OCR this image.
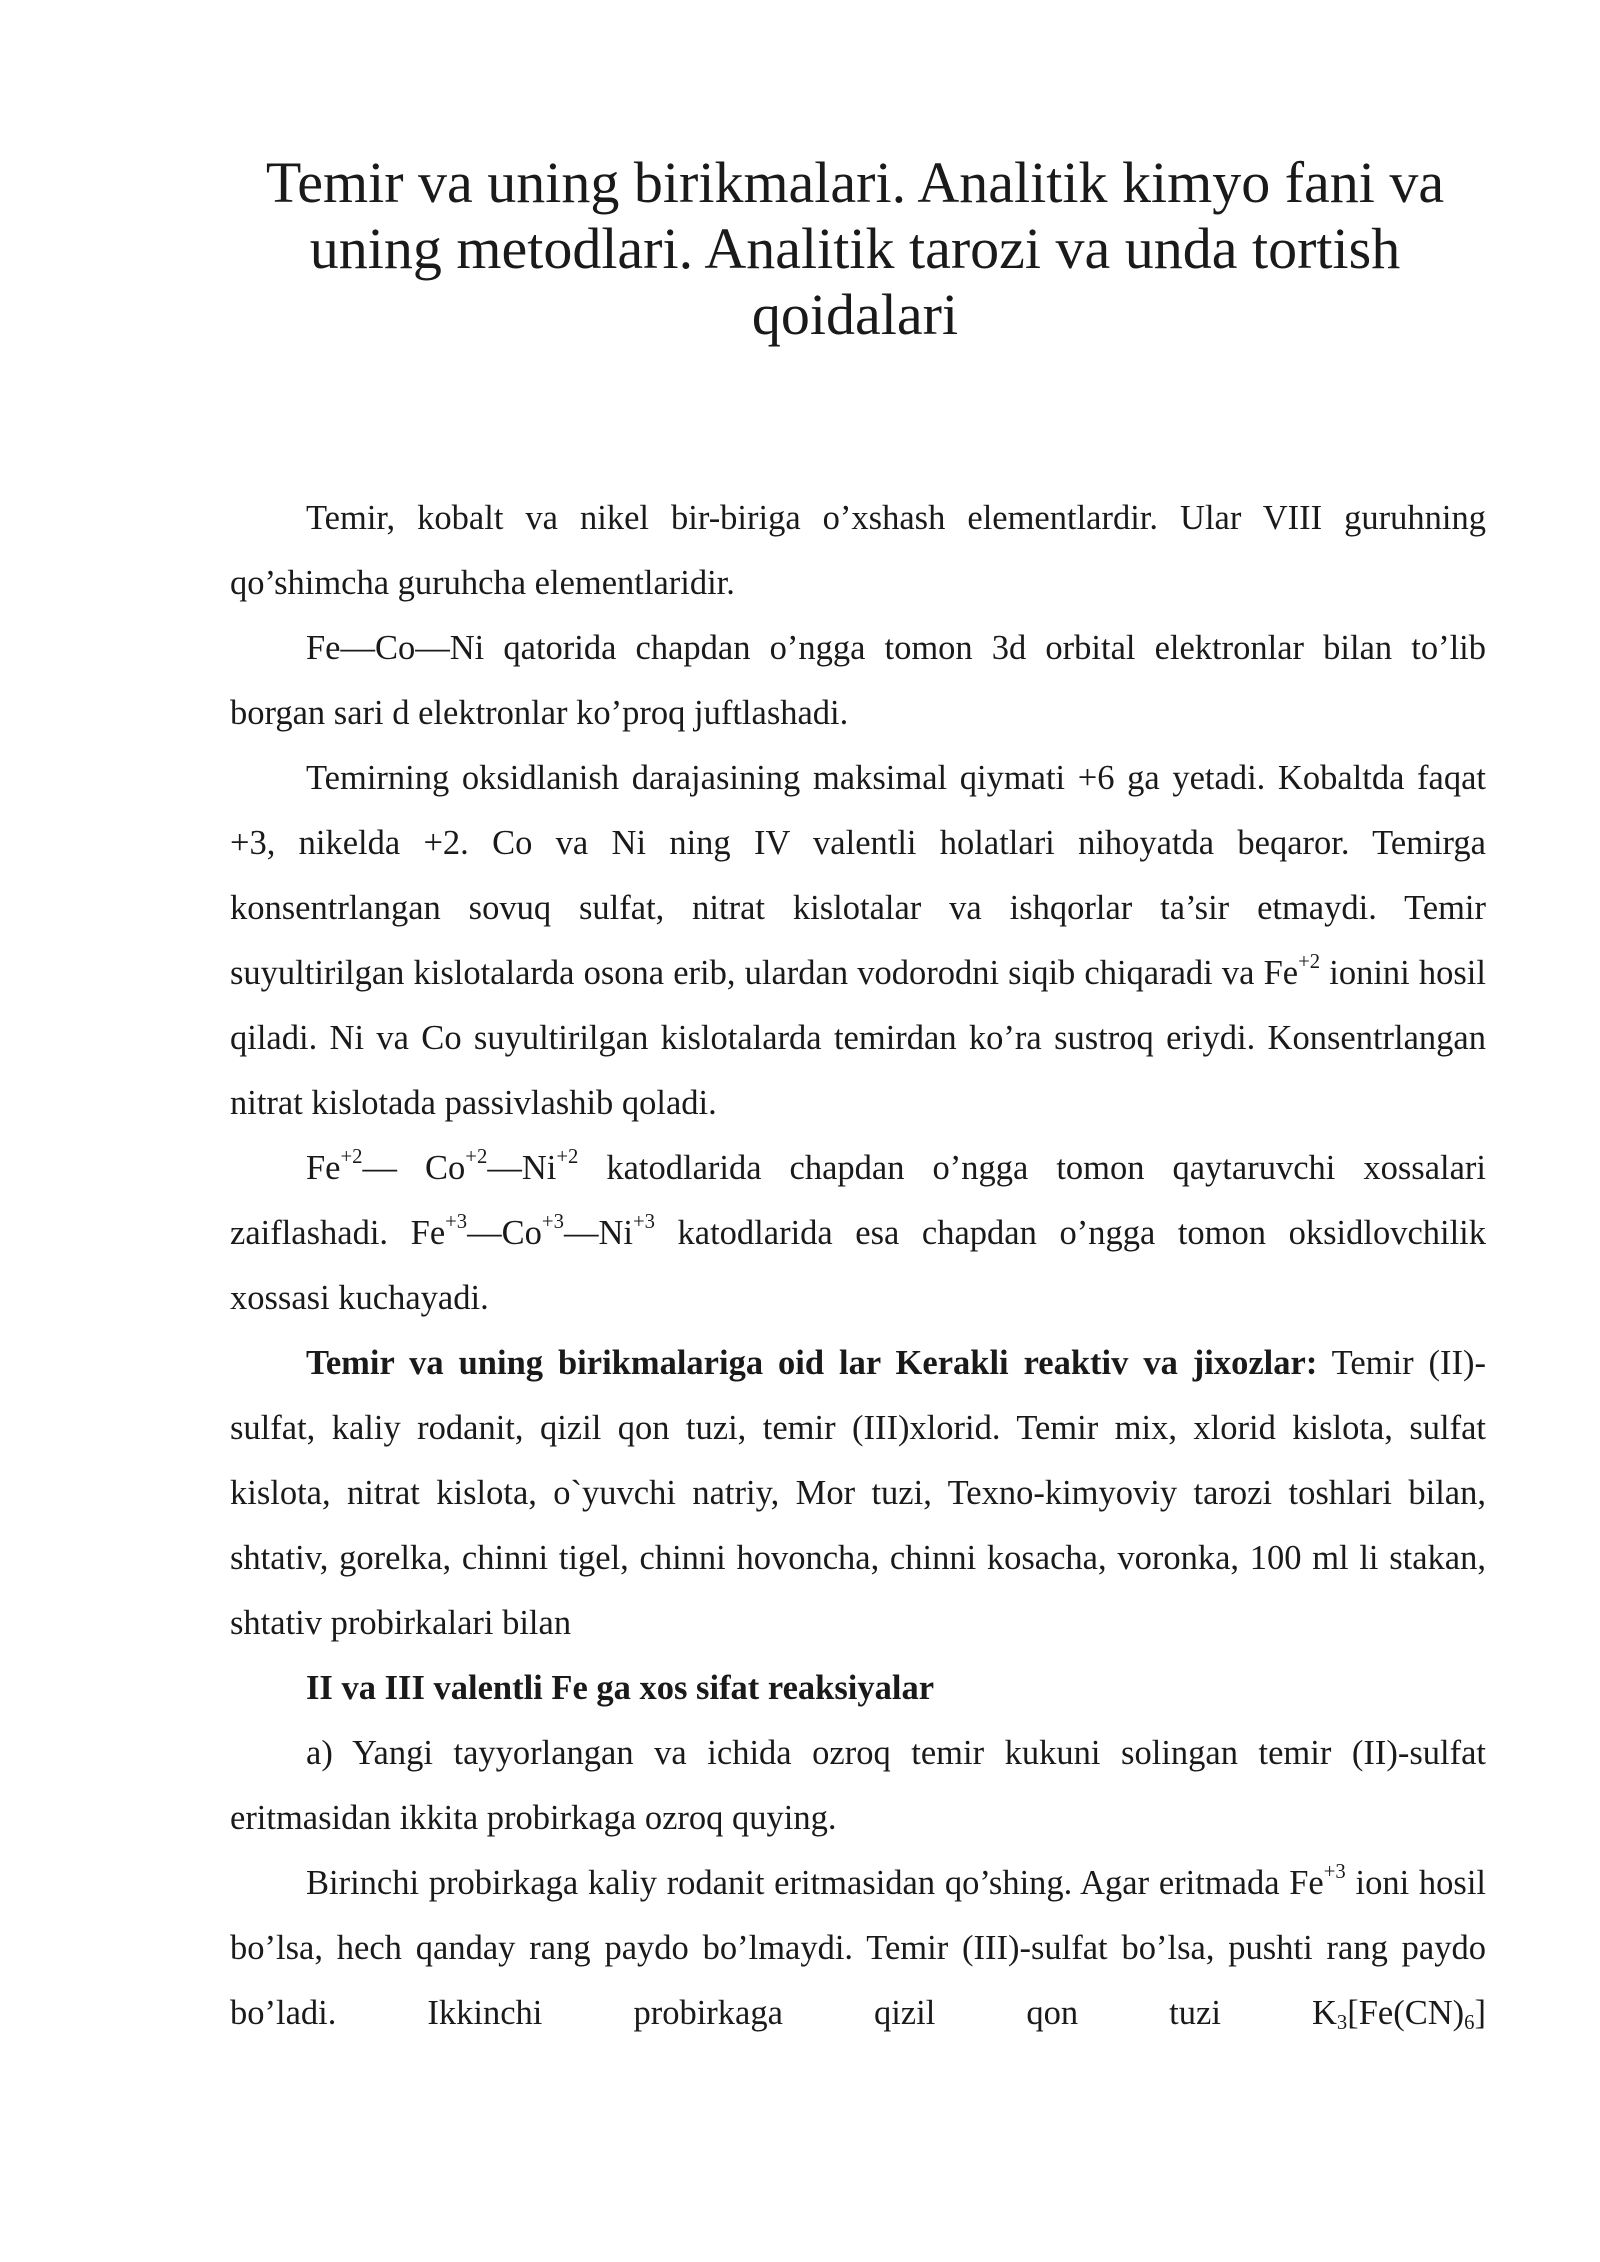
Temir va uning birikmalari. Analitik kimyo fani va
uning metodlari. Analitik tarozi va unda tortish
qoidalari

Temir, kobalt va nikel bir-biriga o’xshash elementlardir. Ular VIII guruhning qo’shimcha guruhcha elementlaridir.

Fe—Co—Ni qatorida chapdan o’ngga tomon 3d orbital elektronlar bilan to’lib borgan sari d elektronlar ko’proq juftlashadi.

Temirning oksidlanish darajasining maksimal qiymati +6 ga yetadi. Kobaltda faqat +3, nikelda +2. Co va Ni ning IV valentli holatlari nihoyatda beqaror. Temirga konsentrlangan sovuq sulfat, nitrat kislotalar va ishqorlar ta’sir etmaydi. Temir suyultirilgan kislotalarda osona erib, ulardan vodorodni siqib chiqaradi va $Fe^{+2}$ ionini hosil qiladi. Ni va Co suyultirilgan kislotalarda temirdan ko’ra sustroq eriydi. Konsentrlangan nitrat kislotada passivlashib qoladi.

$Fe^{+2}—$ $Co^{+2}—Ni^{+2}$ katodlarida chapdan o’ngga tomon qaytaruvchi xossalari zaiflashadi. $Fe^{+3}—Co^{+3}—Ni^{+3}$ katodlarida esa chapdan o’ngga tomon oksidlovchilik xossasi kuchayadi.

Temir va uning birikmalariga oid lar Kerakli reaktiv va jixozlar: Temir (II)-sulfat, kaliy rodanit, qizil qon tuzi, temir (III)xlorid. Temir mix, xlorid kislota, sulfat kislota, nitrat kislota, o`yuvchi natriy, Mor tuzi, Texno-kimyoviy tarozi toshlari bilan, shtativ, gorelka, chinni tigel, chinni hovoncha, chinni kosacha, voronka, 100 ml li stakan, shtativ probirkalari bilan

II va III valentli Fe ga xos sifat reaksiyalar

a) Yangi tayyorlangan va ichida ozroq temir kukuni solingan temir (II)-sulfat eritmasidan ikkita probirkaga ozroq quying.

Birinchi probirkaga kaliy rodanit eritmasidan qo’shing. Agar eritmada $Fe^{+3}$ ioni hosil bo’lsa, hech qanday rang paydo bo’lmaydi. Temir (III)-sulfat bo’lsa, pushti rang paydo bo’ladi. Ikkinchi probirkaga qizil qon tuzi $K_3[Fe(CN)_6]$
